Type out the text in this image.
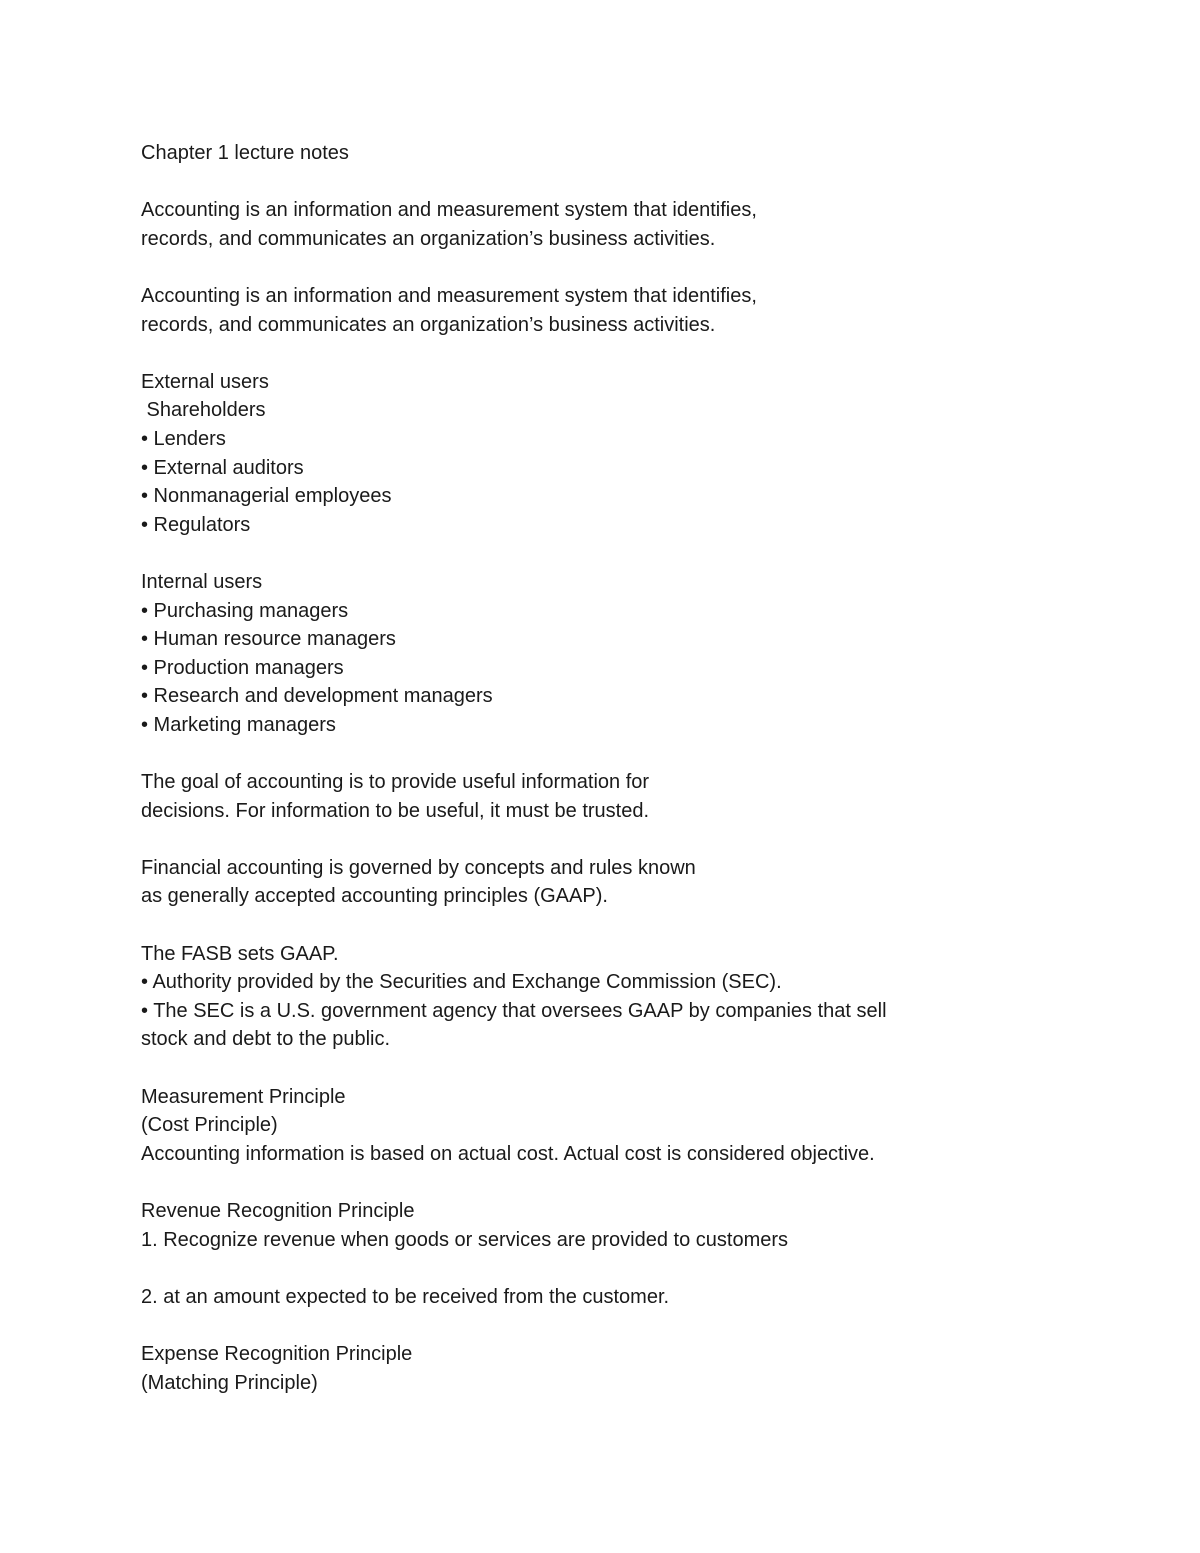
Chapter 1 lecture notes
Accounting is an information and measurement system that identifies,
records, and communicates an organization’s business activities.
Accounting is an information and measurement system that identifies,
records, and communicates an organization’s business activities.
External users
Shareholders
• Lenders
• External auditors
• Nonmanagerial employees
• Regulators
Internal users
• Purchasing managers
• Human resource managers
• Production managers
• Research and development managers
• Marketing managers
The goal of accounting is to provide useful information for
decisions. For information to be useful, it must be trusted.
Financial accounting is governed by concepts and rules known
as generally accepted accounting principles (GAAP).
The FASB sets GAAP.
• Authority provided by the Securities and Exchange Commission (SEC).
• The SEC is a U.S. government agency that oversees GAAP by companies that sell
stock and debt to the public.
Measurement Principle
(Cost Principle)
Accounting information is based on actual cost. Actual cost is considered objective.
Revenue Recognition Principle
1. Recognize revenue when goods or services are provided to customers
2. at an amount expected to be received from the customer.
Expense Recognition Principle
(Matching Principle)
